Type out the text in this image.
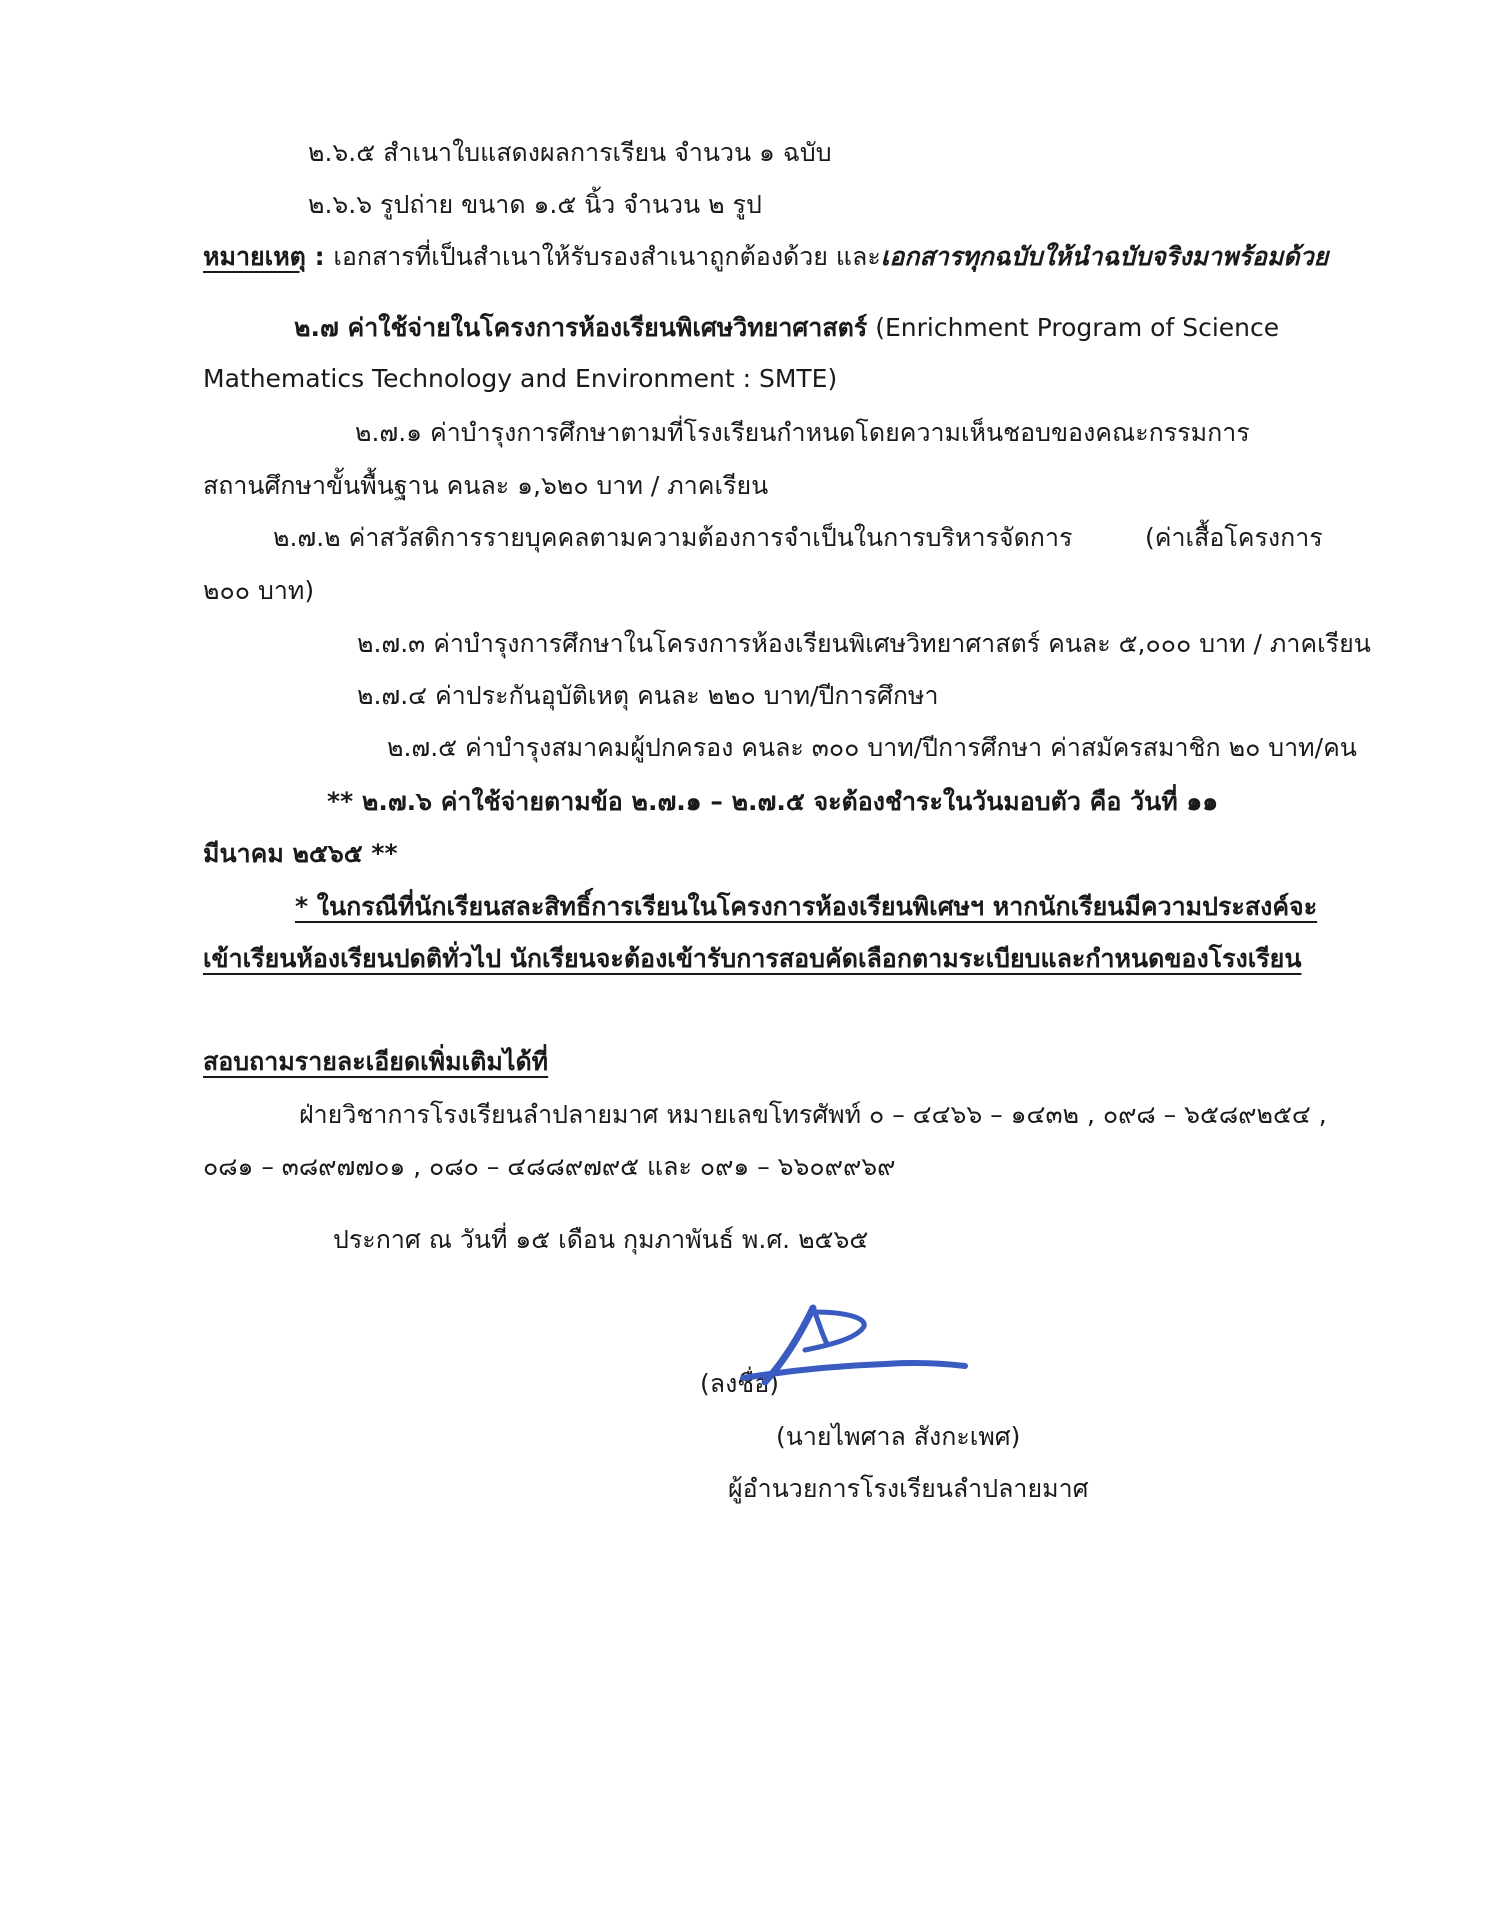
๒.๖.๕ สำเนาใบแสดงผลการเรียน จำนวน ๑ ฉบับ
๒.๖.๖ รูปถ่าย ขนาด ๑.๕ นิ้ว จำนวน ๒ รูป
หมายเหตุ : เอกสารที่เป็นสำเนาให้รับรองสำเนาถูกต้องด้วย และเอกสารทุกฉบับให้นำฉบับจริงมาพร้อมด้วย
๒.๗ ค่าใช้จ่ายในโครงการห้องเรียนพิเศษวิทยาศาสตร์ (Enrichment Program of Science
Mathematics Technology and Environment : SMTE)
๒.๗.๑ ค่าบำรุงการศึกษาตามที่โรงเรียนกำหนดโดยความเห็นชอบของคณะกรรมการ
สถานศึกษาขั้นพื้นฐาน คนละ ๑,๖๒๐ บาท / ภาคเรียน
๒.๗.๒ ค่าสวัสดิการรายบุคคลตามความต้องการจำเป็นในการบริหารจัดการ	(ค่าเสื้อโครงการ
๒๐๐ บาท)
๒.๗.๓ ค่าบำรุงการศึกษาในโครงการห้องเรียนพิเศษวิทยาศาสตร์ คนละ ๕,๐๐๐ บาท / ภาคเรียน
๒.๗.๔ ค่าประกันอุบัติเหตุ คนละ ๒๒๐ บาท/ปีการศึกษา
๒.๗.๕ ค่าบำรุงสมาคมผู้ปกครอง คนละ ๓๐๐ บาท/ปีการศึกษา ค่าสมัครสมาชิก ๒๐ บาท/คน
** ๒.๗.๖ ค่าใช้จ่ายตามข้อ ๒.๗.๑ – ๒.๗.๕ จะต้องชำระในวันมอบตัว คือ วันที่ ๑๑
มีนาคม ๒๕๖๕ **
* ในกรณีที่นักเรียนสละสิทธิ์การเรียนในโครงการห้องเรียนพิเศษฯ หากนักเรียนมีความประสงค์จะ
เข้าเรียนห้องเรียนปดติทั่วไป นักเรียนจะต้องเข้ารับการสอบคัดเลือกตามระเบียบและกำหนดของโรงเรียน
สอบถามรายละเอียดเพิ่มเติมได้ที่
ฝ่ายวิชาการโรงเรียนลำปลายมาศ หมายเลขโทรศัพท์ ๐ – ๔๔๖๖ – ๑๔๓๒ , ๐๙๘ – ๖๕๘๙๒๕๔ ,
๐๘๑ – ๓๘๙๗๗๐๑ , ๐๘๐ – ๔๘๘๙๗๙๕ และ ๐๙๑ – ๖๖๐๙๙๖๙
ประกาศ ณ วันที่ ๑๕ เดือน กุมภาพันธ์ พ.ศ. ๒๕๖๕
(ลงชื่อ)
(นายไพศาล สังกะเพศ)
ผู้อำนวยการโรงเรียนลำปลายมาศ
